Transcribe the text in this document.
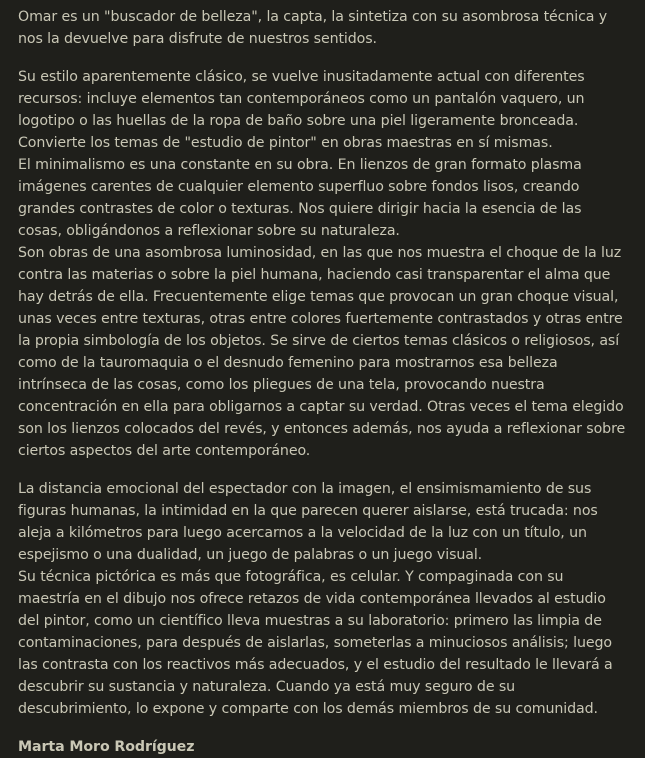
Omar es un "buscador de belleza", la capta, la sintetiza con su asombrosa técnica y nos la devuelve para disfrute de nuestros sentidos.
Su estilo aparentemente clásico, se vuelve inusitadamente actual con diferentes recursos: incluye elementos tan contemporáneos como un pantalón vaquero, un logotipo o las huellas de la ropa de baño sobre una piel ligeramente bronceada. Convierte los temas de "estudio de pintor" en obras maestras en sí mismas.
El minimalismo es una constante en su obra. En lienzos de gran formato plasma imágenes carentes de cualquier elemento superfluo sobre fondos lisos, creando grandes contrastes de color o texturas. Nos quiere dirigir hacia la esencia de las cosas, obligándonos a reflexionar sobre su naturaleza.
Son obras de una asombrosa luminosidad, en las que nos muestra el choque de la luz contra las materias o sobre la piel humana, haciendo casi transparentar el alma que hay detrás de ella. Frecuentemente elige temas que provocan un gran choque visual, unas veces entre texturas, otras entre colores fuertemente contrastados y otras entre la propia simbología de los objetos. Se sirve de ciertos temas clásicos o religiosos, así como de la tauromaquia o el desnudo femenino para mostrarnos esa belleza intrínseca de las cosas, como los pliegues de una tela, provocando nuestra concentración en ella para obligarnos a captar su verdad. Otras veces el tema elegido son los lienzos colocados del revés, y entonces además, nos ayuda a reflexionar sobre ciertos aspectos del arte contemporáneo.
La distancia emocional del espectador con la imagen, el ensimismamiento de sus figuras humanas, la intimidad en la que parecen querer aislarse, está trucada: nos aleja a kilómetros para luego acercarnos a la velocidad de la luz con un título, un espejismo o una dualidad, un juego de palabras o un juego visual.
Su técnica pictórica es más que fotográfica, es celular. Y compaginada con su maestría en el dibujo nos ofrece retazos de vida contemporánea llevados al estudio del pintor, como un científico lleva muestras a su laboratorio: primero las limpia de contaminaciones, para después de aislarlas, someterlas a minuciosos análisis; luego las contrasta con los reactivos más adecuados, y el estudio del resultado le llevará a descubrir su sustancia y naturaleza. Cuando ya está muy seguro de su descubrimiento, lo expone y comparte con los demás miembros de su comunidad.
Marta Moro Rodríguez
